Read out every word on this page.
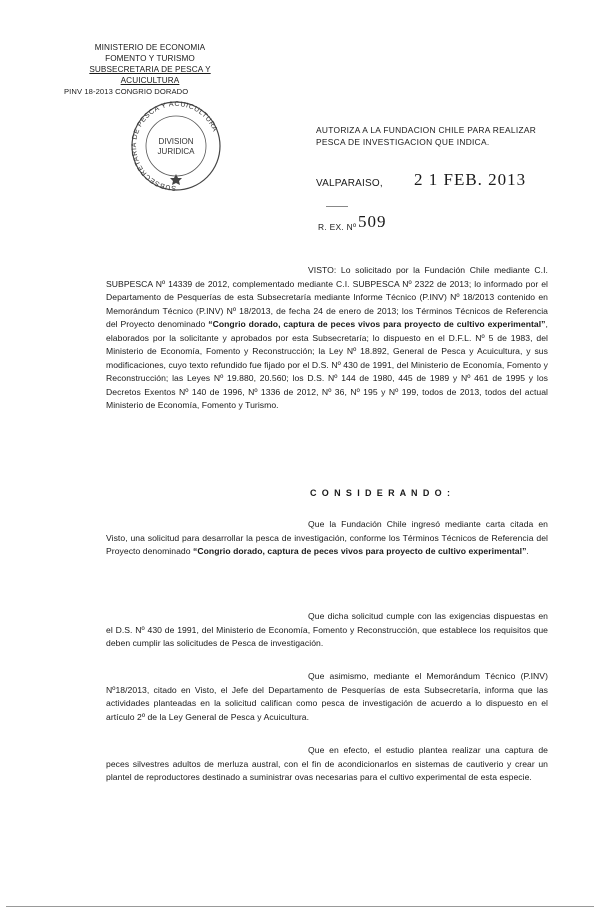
MINISTERIO DE ECONOMIA
FOMENTO Y TURISMO
SUBSECRETARIA DE PESCA Y ACUICULTURA
PINV 18-2013 CONGRIO DORADO
SUBSECRETARIA DE PESCA Y ACUICULTURA
DIVISION
JURIDICA
AUTORIZA A LA FUNDACION CHILE PARA REALIZAR
PESCA DE INVESTIGACION QUE INDICA.
VALPARAISO, 2 1 FEB. 2013
R. EX. Nº 509

VISTO: Lo solicitado por la Fundación Chile mediante C.I. SUBPESCA Nº 14339 de 2012, complementado mediante C.I. SUBPESCA Nº 2322 de 2013; lo informado por el Departamento de Pesquerías de esta Subsecretaría mediante Informe Técnico (P.INV) Nº 18/2013 contenido en Memorándum Técnico (P.INV) Nº 18/2013, de fecha 24 de enero de 2013; los Términos Técnicos de Referencia del Proyecto denominado “Congrio dorado, captura de peces vivos para proyecto de cultivo experimental”, elaborados por la solicitante y aprobados por esta Subsecretaría; lo dispuesto en el D.F.L. Nº 5 de 1983, del Ministerio de Economía, Fomento y Reconstrucción; la Ley Nº 18.892, General de Pesca y Acuicultura, y sus modificaciones, cuyo texto refundido fue fijado por el D.S. Nº 430 de 1991, del Ministerio de Economía, Fomento y Reconstrucción; las Leyes Nº 19.880, 20.560; los D.S. Nº 144 de 1980, 445 de 1989 y Nº 461 de 1995 y los Decretos Exentos Nº 140 de 1996, Nº 1336 de 2012, Nº 36, Nº 195 y Nº 199, todos de 2013, todos del actual Ministerio de Economía, Fomento y Turismo.

C O N S I D E R A N D O :

Que la Fundación Chile ingresó mediante carta citada en Visto, una solicitud para desarrollar la pesca de investigación, conforme los Términos Técnicos de Referencia del Proyecto denominado “Congrio dorado, captura de peces vivos para proyecto de cultivo experimental”.

Que dicha solicitud cumple con las exigencias dispuestas en el D.S. Nº 430 de 1991, del Ministerio de Economía, Fomento y Reconstrucción, que establece los requisitos que deben cumplir las solicitudes de Pesca de investigación.

Que asimismo, mediante el Memorándum Técnico (P.INV) Nº18/2013, citado en Visto, el Jefe del Departamento de Pesquerías de esta Subsecretaría, informa que las actividades planteadas en la solicitud califican como pesca de investigación de acuerdo a lo dispuesto en el artículo 2º de la Ley General de Pesca y Acuicultura.

Que en efecto, el estudio plantea realizar una captura de peces silvestres adultos de merluza austral, con el fin de acondicionarlos en sistemas de cautiverio y crear un plantel de reproductores destinado a suministrar ovas necesarias para el cultivo experimental de esta especie.
